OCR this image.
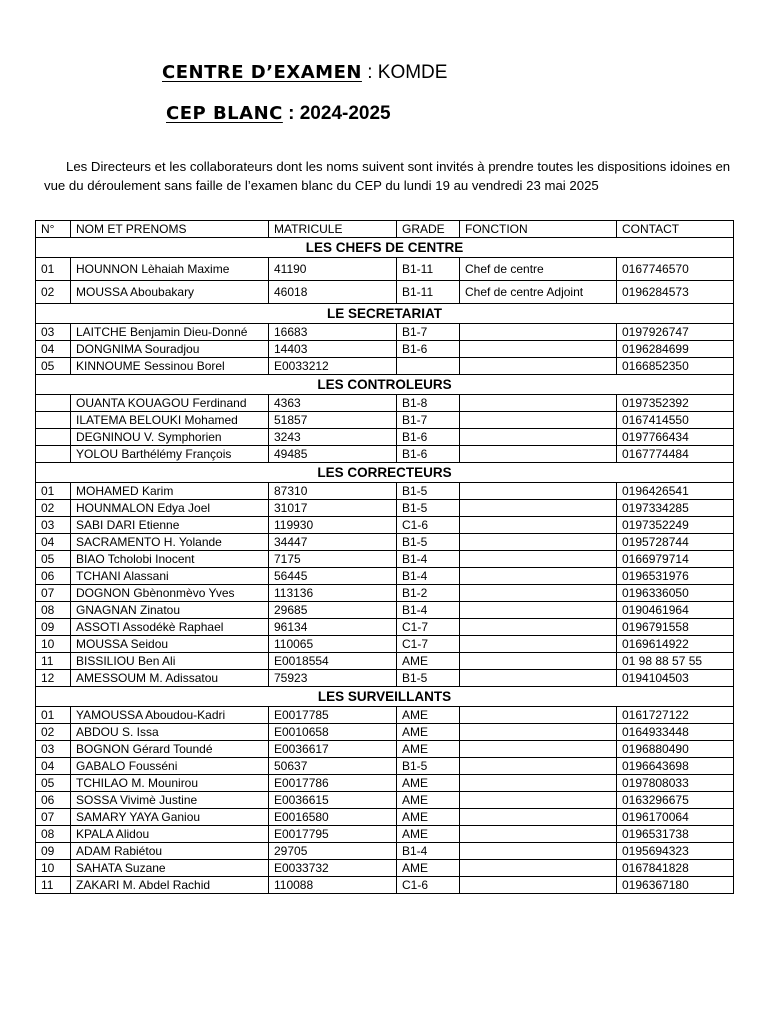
CENTRE D’EXAMEN : KOMDE
CEP BLANC : 2024-2025
Les Directeurs et les collaborateurs dont les noms suivent sont invités à prendre toutes les dispositions idoines en vue du déroulement sans faille de l’examen blanc du CEP du lundi 19 au vendredi 23 mai 2025
N°	NOM ET PRENOMS	MATRICULE	GRADE	FONCTION	CONTACT
LES CHEFS DE CENTRE					
01	HOUNNON Lèhaiah Maxime	41190	B1-11	Chef de centre	0167746570
02	MOUSSA Aboubakary	46018	B1-11	Chef de centre Adjoint	0196284573
LE SECRETARIAT					
03	LAITCHE Benjamin Dieu-Donné	16683	B1-7		0197926747
04	DONGNIMA Souradjou	14403	B1-6		0196284699
05	KINNOUME Sessinou Borel	E0033212			0166852350
LES CONTROLEURS					
	OUANTA KOUAGOU Ferdinand	4363	B1-8		0197352392
	ILATEMA BELOUKI Mohamed	51857	B1-7		0167414550
	DEGNINOU V. Symphorien	3243	B1-6		0197766434
	YOLOU Barthélémy François	49485	B1-6		0167774484
LES CORRECTEURS					
01	MOHAMED Karim	87310	B1-5		0196426541
02	HOUNMALON Edya Joel	31017	B1-5		0197334285
03	SABI DARI Etienne	119930	C1-6		0197352249
04	SACRAMENTO H. Yolande	34447	B1-5		0195728744
05	BIAO Tcholobi Inocent	7175	B1-4		0166979714
06	TCHANI Alassani	56445	B1-4		0196531976
07	DOGNON Gbènonmèvo Yves	113136	B1-2		0196336050
08	GNAGNAN Zinatou	29685	B1-4		0190461964
09	ASSOTI Assodékè Raphael	96134	C1-7		0196791558
10	MOUSSA Seidou	110065	C1-7		0169614922
11	BISSILIOU Ben Ali	E0018554	AME		01 98 88 57 55
12	AMESSOUM M. Adissatou	75923	B1-5		0194104503
LES SURVEILLANTS					
01	YAMOUSSA Aboudou-Kadri	E0017785	AME		0161727122
02	ABDOU S. Issa	E0010658	AME		0164933448
03	BOGNON Gérard Toundé	E0036617	AME		0196880490
04	GABALO Fousséni	50637	B1-5		0196643698
05	TCHILAO M. Mounirou	E0017786	AME		0197808033
06	SOSSA Vivimè Justine	E0036615	AME		0163296675
07	SAMARY YAYA Ganiou	E0016580	AME		0196170064
08	KPALA Alidou	E0017795	AME		0196531738
09	ADAM Rabiétou	29705	B1-4		0195694323
10	SAHATA Suzane	E0033732	AME		0167841828
11	ZAKARI M. Abdel Rachid	110088	C1-6		0196367180
